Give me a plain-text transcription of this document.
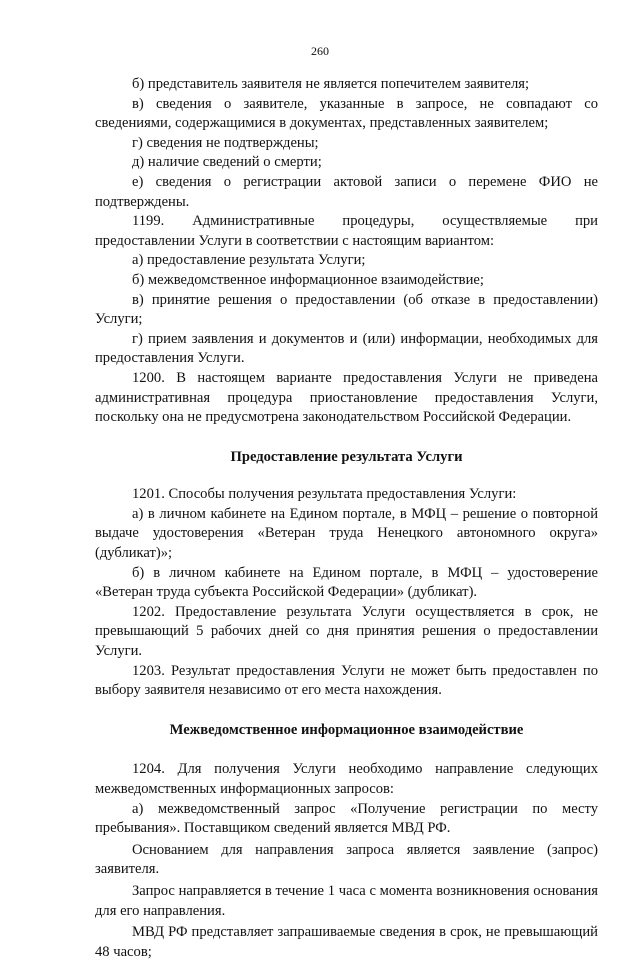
260

б) представитель заявителя не является попечителем заявителя;

в) сведения о заявителе, указанные в запросе, не совпадают со сведениями, содержащимися в документах, представленных заявителем;

г) сведения не подтверждены;

д) наличие сведений о смерти;

е) сведения о регистрации актовой записи о перемене ФИО не подтверждены.

1199. Административные процедуры, осуществляемые при предоставлении Услуги в соответствии с настоящим вариантом:

а) предоставление результата Услуги;

б) межведомственное информационное взаимодействие;

в) принятие решения о предоставлении (об отказе в предоставлении) Услуги;

г) прием заявления и документов и (или) информации, необходимых для предоставления Услуги.

1200. В настоящем варианте предоставления Услуги не приведена административная процедура приостановление предоставления Услуги, поскольку она не предусмотрена законодательством Российской Федерации.

Предоставление результата Услуги

1201. Способы получения результата предоставления Услуги:

а) в личном кабинете на Едином портале, в МФЦ – решение о повторной выдаче удостоверения «Ветеран труда Ненецкого автономного округа» (дубликат)»;

б) в личном кабинете на Едином портале, в МФЦ – удостоверение «Ветеран труда субъекта Российской Федерации» (дубликат).

1202. Предоставление результата Услуги осуществляется в срок, не превышающий 5 рабочих дней со дня принятия решения о предоставлении Услуги.

1203. Результат предоставления Услуги не может быть предоставлен по выбору заявителя независимо от его места нахождения.

Межведомственное информационное взаимодействие

1204. Для получения Услуги необходимо направление следующих межведомственных информационных запросов:

а) межведомственный запрос «Получение регистрации по месту пребывания». Поставщиком сведений является МВД РФ.

Основанием для направления запроса является заявление (запрос) заявителя.

Запрос направляется в течение 1 часа с момента возникновения основания для его направления.

МВД РФ представляет запрашиваемые сведения в срок, не превышающий 48 часов;
